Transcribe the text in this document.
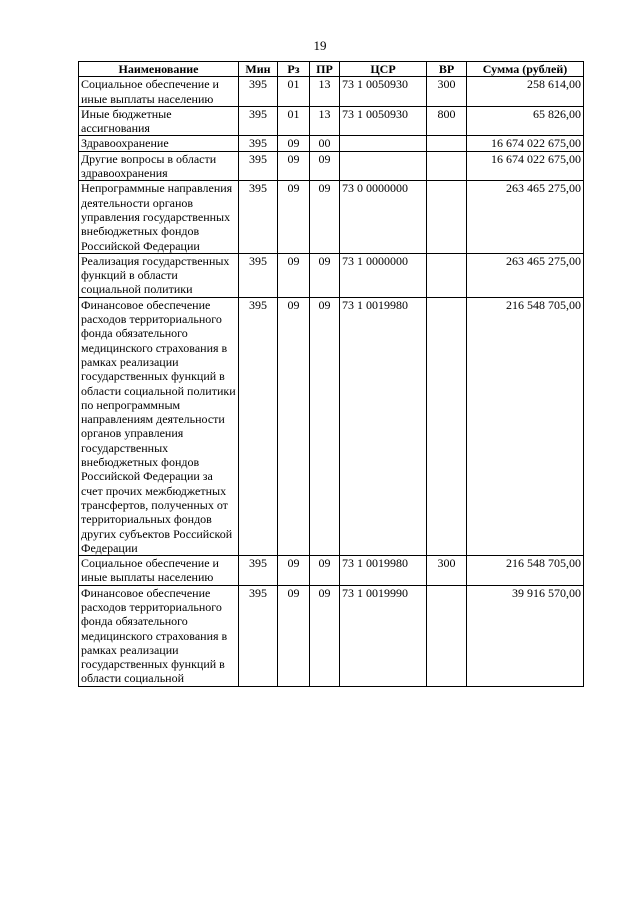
19
Наименование	Мин	Рз	ПР	ЦСР	ВР	Сумма (рублей)
Социальное обеспечение и иные выплаты населению	395	01	13	73 1 0050930	300	258 614,00
Иные бюджетные ассигнования	395	01	13	73 1 0050930	800	65 826,00
Здравоохранение	395	09	00			16 674 022 675,00
Другие вопросы в области здравоохранения	395	09	09			16 674 022 675,00
Непрограммные направления деятельности органов управления государственных внебюджетных фондов Российской Федерации	395	09	09	73 0 0000000		263 465 275,00
Реализация государственных функций в области социальной политики	395	09	09	73 1 0000000		263 465 275,00
Финансовое обеспечение расходов территориального фонда обязательного медицинского страхования в рамках реализации государственных функций в области социальной политики по непрограммным направлениям деятельности органов управления государственных внебюджетных фондов Российской Федерации за счет прочих межбюджетных трансфертов, полученных от территориальных фондов других субъектов Российской Федерации	395	09	09	73 1 0019980		216 548 705,00
Социальное обеспечение и иные выплаты населению	395	09	09	73 1 0019980	300	216 548 705,00
Финансовое обеспечение расходов территориального фонда обязательного медицинского страхования в рамках реализации государственных функций в области социальной	395	09	09	73 1 0019990		39 916 570,00
